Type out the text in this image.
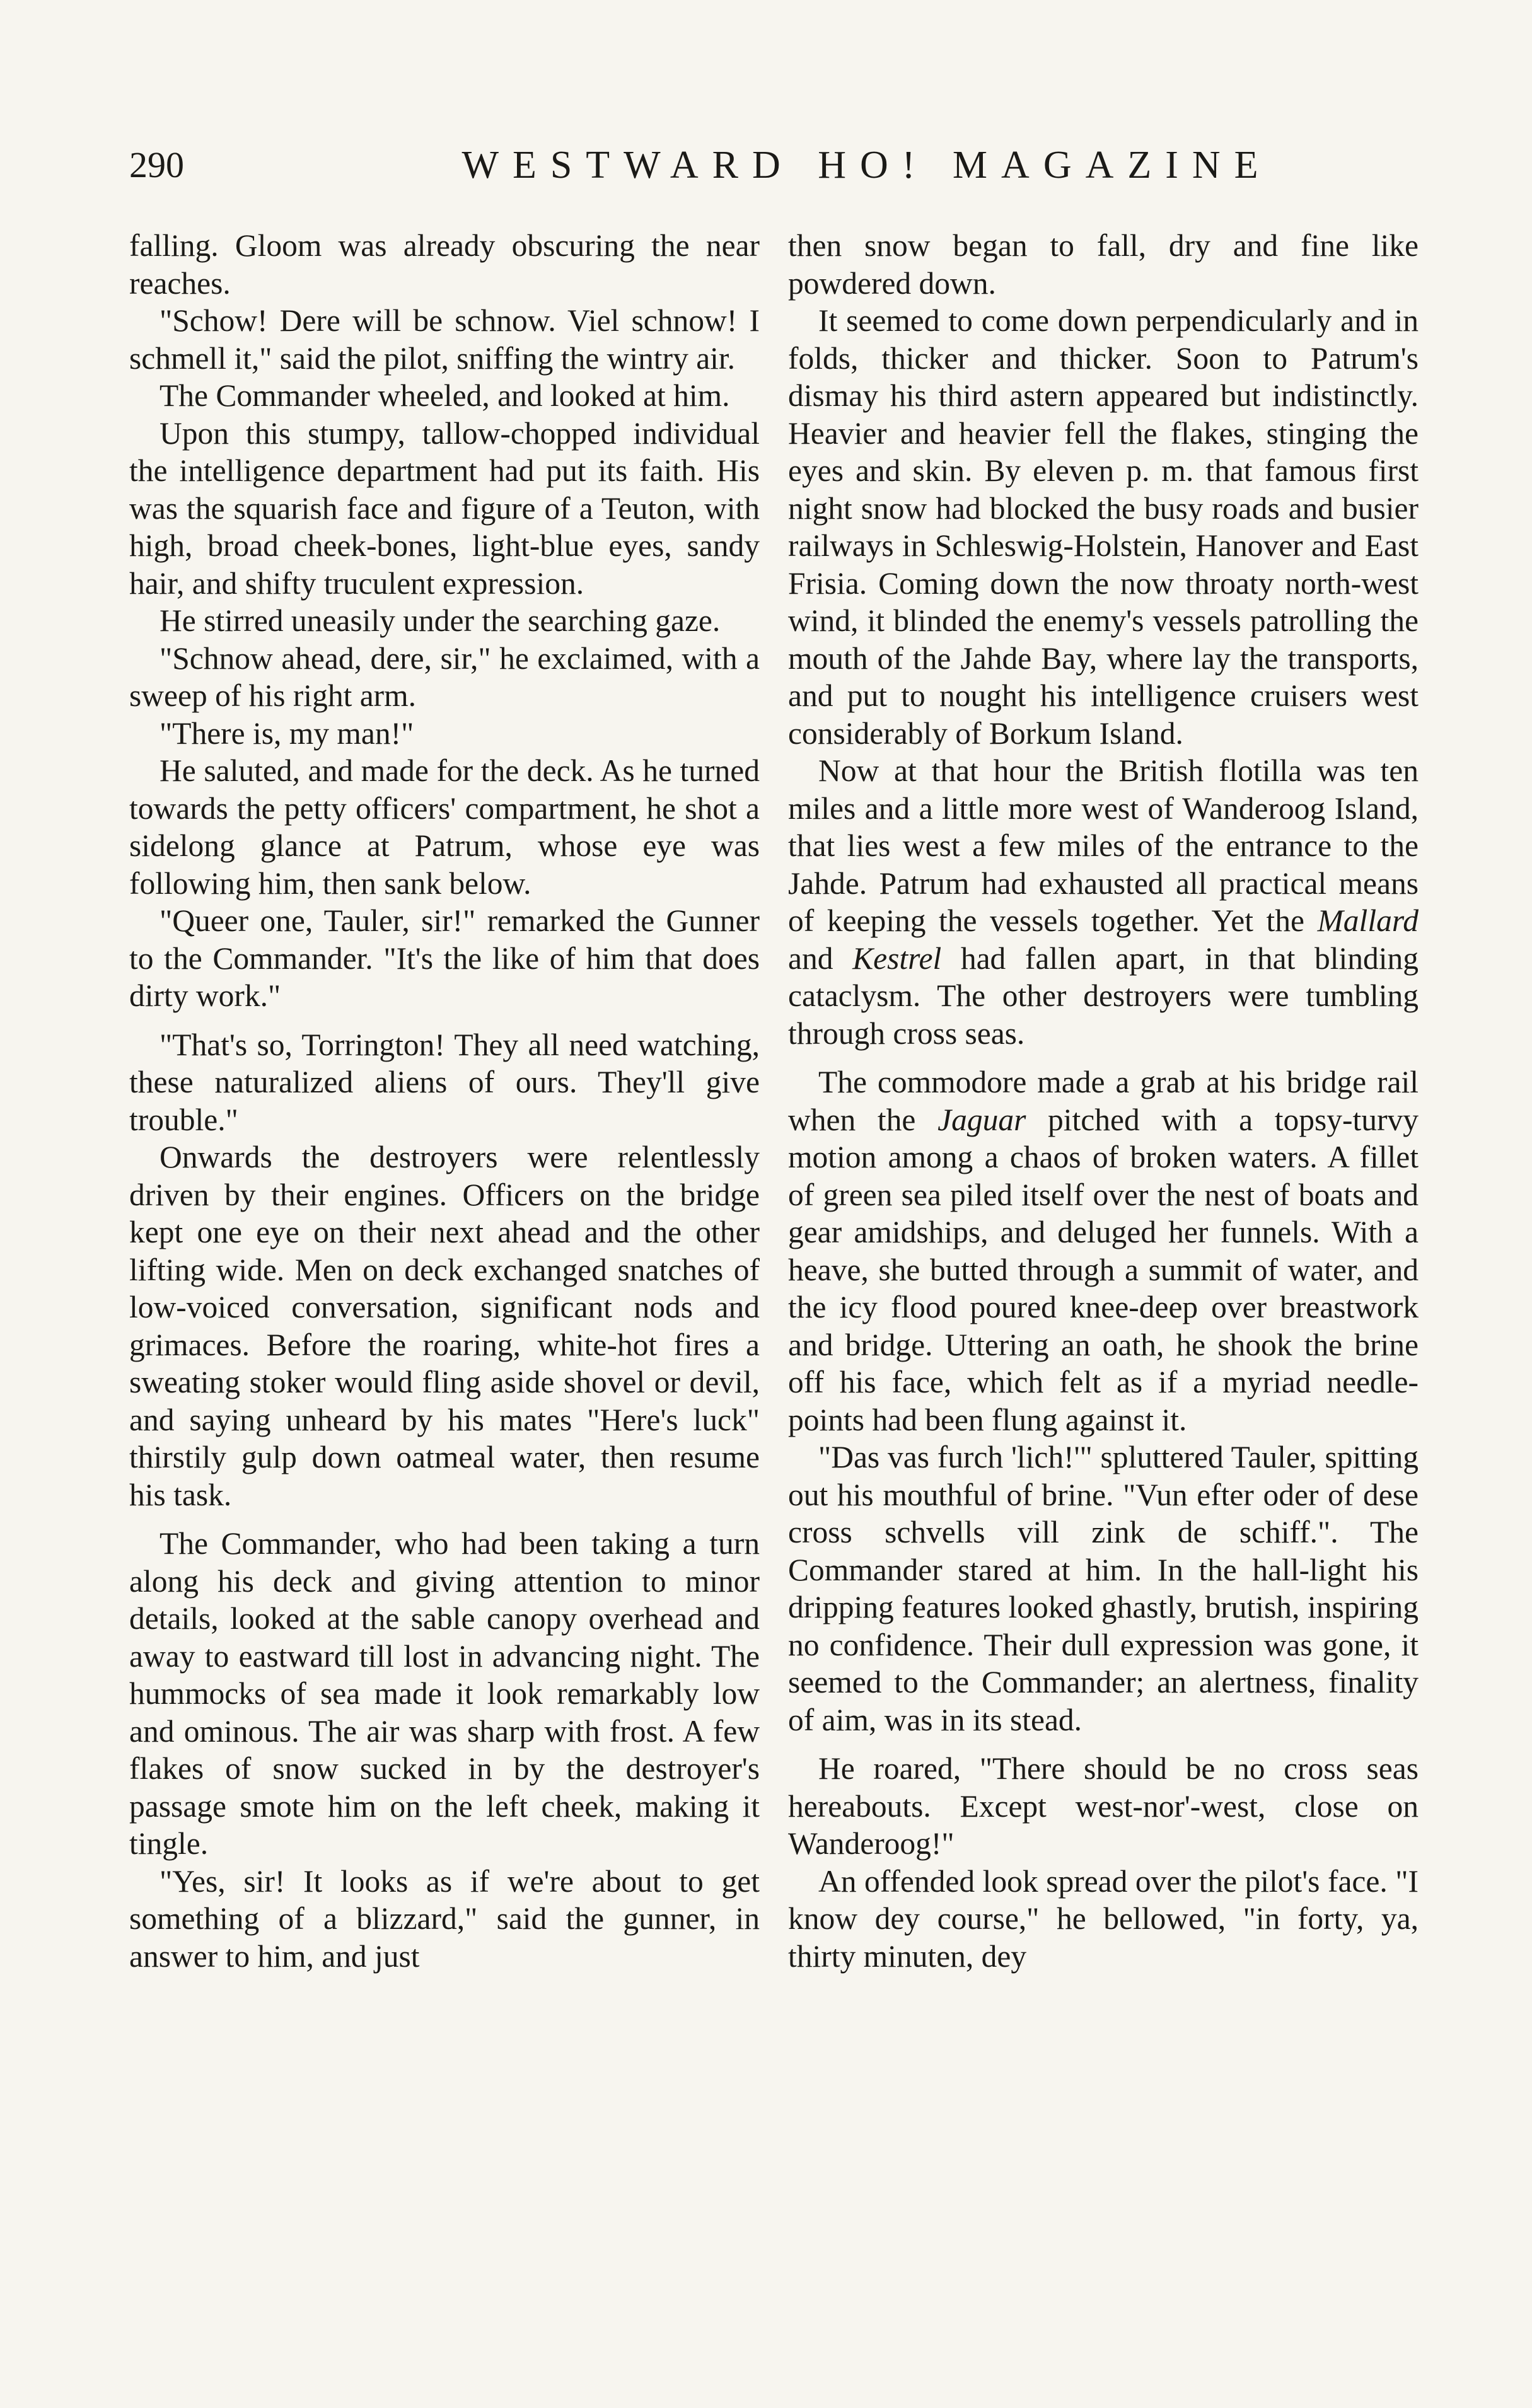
290	WESTWARD HO! MAGAZINE

falling. Gloom was already obscuring the near reaches.

"Schow! Dere will be schnow. Viel schnow! I schmell it," said the pilot, sniffing the wintry air.

The Commander wheeled, and looked at him.

Upon this stumpy, tallow-chopped individual the intelligence department had put its faith. His was the squarish face and figure of a Teuton, with high, broad cheek-bones, light-blue eyes, sandy hair, and shifty truculent expression.

He stirred uneasily under the searching gaze.

"Schnow ahead, dere, sir," he exclaimed, with a sweep of his right arm.

"There is, my man!"

He saluted, and made for the deck. As he turned towards the petty officers' compartment, he shot a sidelong glance at Patrum, whose eye was following him, then sank below.

"Queer one, Tauler, sir!" remarked the Gunner to the Commander. "It's the like of him that does dirty work."

"That's so, Torrington! They all need watching, these naturalized aliens of ours. They'll give trouble."

Onwards the destroyers were relentlessly driven by their engines. Officers on the bridge kept one eye on their next ahead and the other lifting wide. Men on deck exchanged snatches of low-voiced conversation, significant nods and grimaces. Before the roaring, white-hot fires a sweating stoker would fling aside shovel or devil, and saying unheard by his mates "Here's luck" thirstily gulp down oatmeal water, then resume his task.

The Commander, who had been taking a turn along his deck and giving attention to minor details, looked at the sable canopy overhead and away to eastward till lost in advancing night. The hummocks of sea made it look remarkably low and ominous. The air was sharp with frost. A few flakes of snow sucked in by the destroyer's passage smote him on the left cheek, making it tingle.

"Yes, sir! It looks as if we're about to get something of a blizzard," said the gunner, in answer to him, and just

then snow began to fall, dry and fine like powdered down.

It seemed to come down perpendicularly and in folds, thicker and thicker. Soon to Patrum's dismay his third astern appeared but indistinctly. Heavier and heavier fell the flakes, stinging the eyes and skin. By eleven p. m. that famous first night snow had blocked the busy roads and busier railways in Schleswig-Holstein, Hanover and East Frisia. Coming down the now throaty north-west wind, it blinded the enemy's vessels patrolling the mouth of the Jahde Bay, where lay the transports, and put to nought his intelligence cruisers west considerably of Borkum Island.

Now at that hour the British flotilla was ten miles and a little more west of Wanderoog Island, that lies west a few miles of the entrance to the Jahde. Patrum had exhausted all practical means of keeping the vessels together. Yet the Mallard and Kestrel had fallen apart, in that blinding cataclysm. The other destroyers were tumbling through cross seas.

The commodore made a grab at his bridge rail when the Jaguar pitched with a topsy-turvy motion among a chaos of broken waters. A fillet of green sea piled itself over the nest of boats and gear amidships, and deluged her funnels. With a heave, she butted through a summit of water, and the icy flood poured knee-deep over breastwork and bridge. Uttering an oath, he shook the brine off his face, which felt as if a myriad needle-points had been flung against it.

"Das vas furch 'lich!'" spluttered Tauler, spitting out his mouthful of brine. "Vun efter oder of dese cross schvells vill zink de schiff.". The Commander stared at him. In the hall-light his dripping features looked ghastly, brutish, inspiring no confidence. Their dull expression was gone, it seemed to the Commander; an alertness, finality of aim, was in its stead.

He roared, "There should be no cross seas hereabouts. Except west-nor'-west, close on Wanderoog!"

An offended look spread over the pilot's face. "I know dey course," he bellowed, "in forty, ya, thirty minuten, dey
